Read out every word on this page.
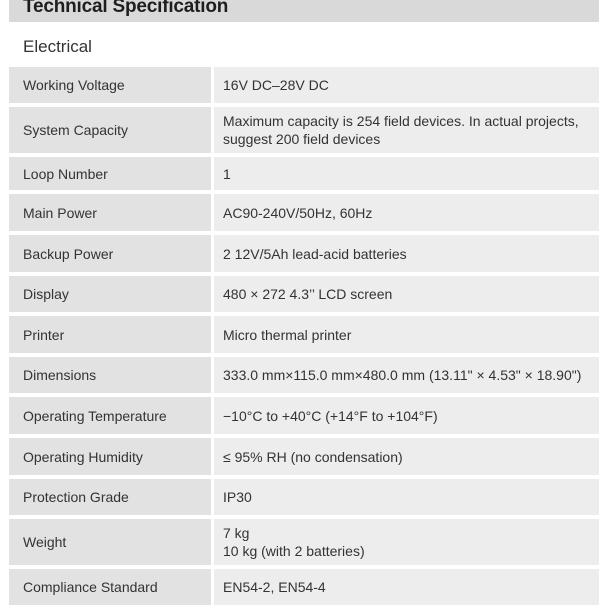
Technical Specification
Electrical
Working Voltage	16V DC–28V DC

System Capacity	Maximum capacity is 254 field devices. In actual projects,
suggest 200 field devices

Loop Number	1

Main Power	AC90-240V/50Hz, 60Hz

Backup Power	2 12V/5Ah lead-acid batteries

Display	480 × 272 4.3’’ LCD screen

Printer	Micro thermal printer

Dimensions	333.0 mm×115.0 mm×480.0 mm (13.11" × 4.53" × 18.90")

Operating Temperature	−10°C to +40°C (+14°F to +104°F)

Operating Humidity	≤ 95% RH (no condensation)

Protection Grade	IP30

Weight	7 kg
10 kg (with 2 batteries)

Compliance Standard	EN54-2, EN54-4
